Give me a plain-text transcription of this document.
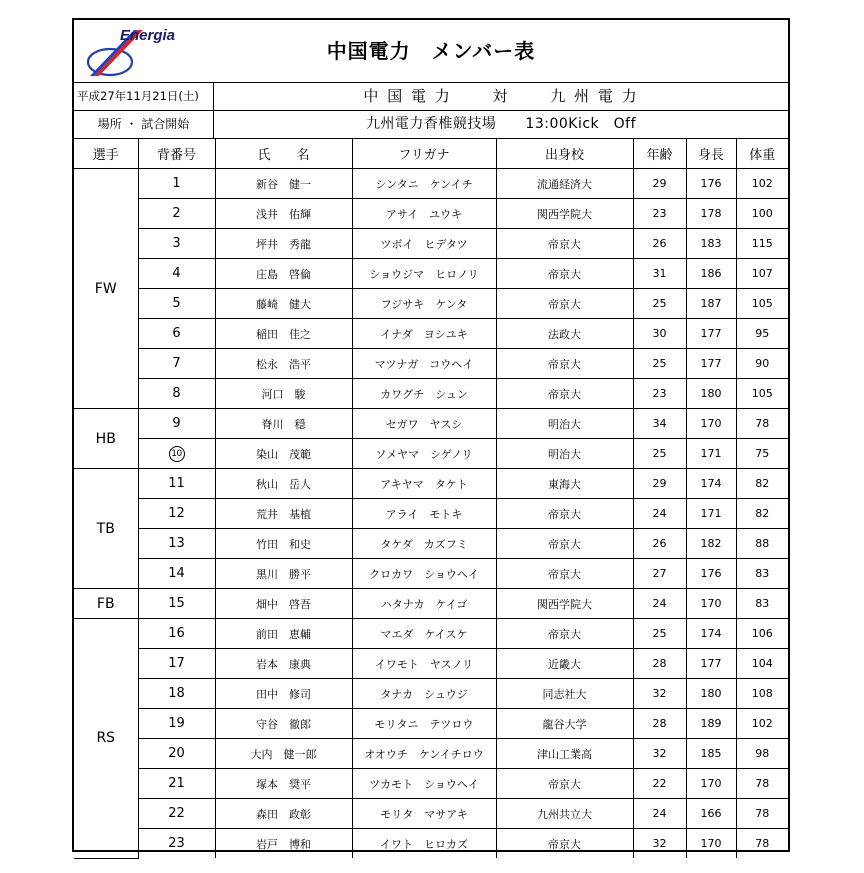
Energia
中国電力　メンバー表
平成27年11月21日(土)	中 国 電 力　　 対 　　九 州 電 力
場所 ・ 試合開始	九州電力香椎競技場　　13:00Kick　Off
選手	背番号	氏　　名	フリガナ	出身校	年齢	身長	体重
FW	1	新谷　健一	シンタニ　ケンイチ	流通経済大	29	176	102
	2	浅井　佑輝	アサイ　ユウキ	関西学院大	23	178	100
	3	坪井　秀龍	ツボイ　ヒデタツ	帝京大	26	183	115
	4	庄島　啓倫	ショウジマ　ヒロノリ	帝京大	31	186	107
	5	藤崎　健大	フジサキ　ケンタ	帝京大	25	187	105
	6	稲田　佳之	イナダ　ヨシユキ	法政大	30	177	95
	7	松永　浩平	マツナガ　コウヘイ	帝京大	25	177	90
	8	河口　駿	カワグチ　シュン	帝京大	23	180	105
HB	9	脊川　穏	セガワ　ヤスシ	明治大	34	170	78
	10	染山　茂範	ソメヤマ　シゲノリ	明治大	25	171	75
TB	11	秋山　岳人	アキヤマ　タケト	東海大	29	174	82
	12	荒井　基植	アライ　モトキ	帝京大	24	171	82
	13	竹田　和史	タケダ　カズフミ	帝京大	26	182	88
	14	黒川　勝平	クロカワ　ショウヘイ	帝京大	27	176	83
FB	15	畑中　啓吾	ハタナカ　ケイゴ	関西学院大	24	170	83
RS	16	前田　恵輔	マエダ　ケイスケ	帝京大	25	174	106
	17	岩本　康典	イワモト　ヤスノリ	近畿大	28	177	104
	18	田中　修司	タナカ　シュウジ	同志社大	32	180	108
	19	守谷　徹郎	モリタニ　テツロウ	龍谷大学	28	189	102
	20	大内　健一郎	オオウチ　ケンイチロウ	津山工業高	32	185	98
	21	塚本　奨平	ツカモト　ショウヘイ	帝京大	22	170	78
	22	森田　政彰	モリタ　マサアキ	九州共立大	24	166	78
	23	岩戸　博和	イワト　ヒロカズ	帝京大	32	170	78
